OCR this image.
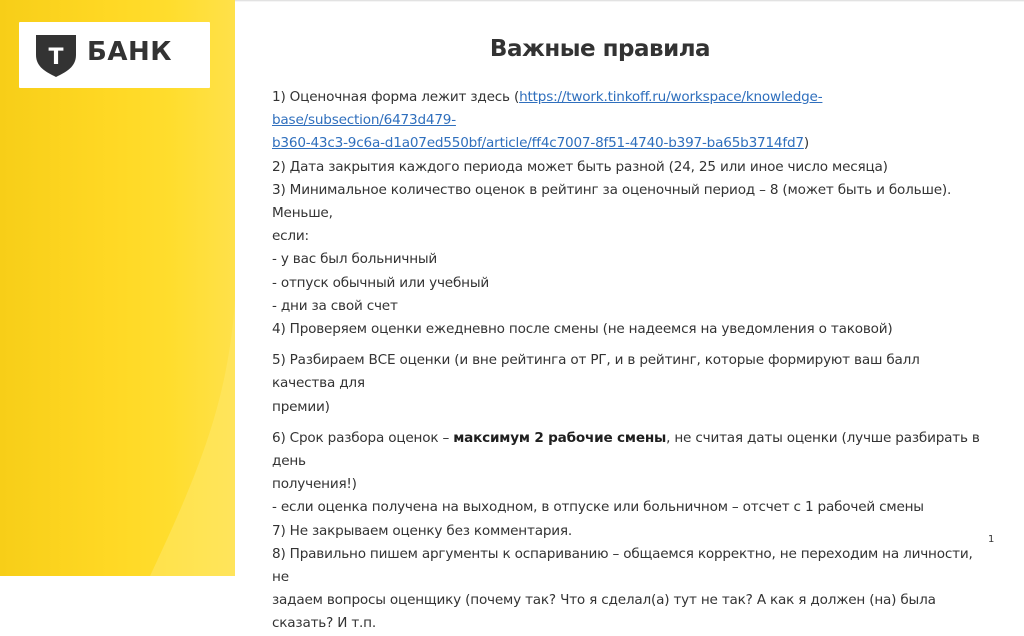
Т БАНК	Важные правила

1) Оценочная форма лежит здесь (https://twork.tinkoff.ru/workspace/knowledge-base/subsection/6473d479-

b360-43c3-9c6a-d1a07ed550bf/article/ff4c7007-8f51-4740-b397-ba65b3714fd7)

2) Дата закрытия каждого периода может быть разной (24, 25 или иное число месяца)

3) Минимальное количество оценок в рейтинг за оценочный период – 8 (может быть и больше). Меньше,

если:

- у вас был больничный

- отпуск обычный или учебный

- дни за свой счет

4) Проверяем оценки ежедневно после смены (не надеемся на уведомления о таковой)

5) Разбираем ВСЕ оценки (и вне рейтинга от РГ, и в рейтинг, которые формируют ваш балл качества для

премии)

6) Срок разбора оценок – максимум 2 рабочие смены, не считая даты оценки (лучше разбирать в день

получения!)

- если оценка получена на выходном, в отпуске или больничном – отсчет с 1 рабочей смены

7) Не закрываем оценку без комментария.

8) Правильно пишем аргументы к оспариванию – общаемся корректно, не переходим на личности, не

задаем вопросы оценщику (почему так? Что я сделал(а) тут не так? А как я должен (на) была сказать? И т.п.

1
